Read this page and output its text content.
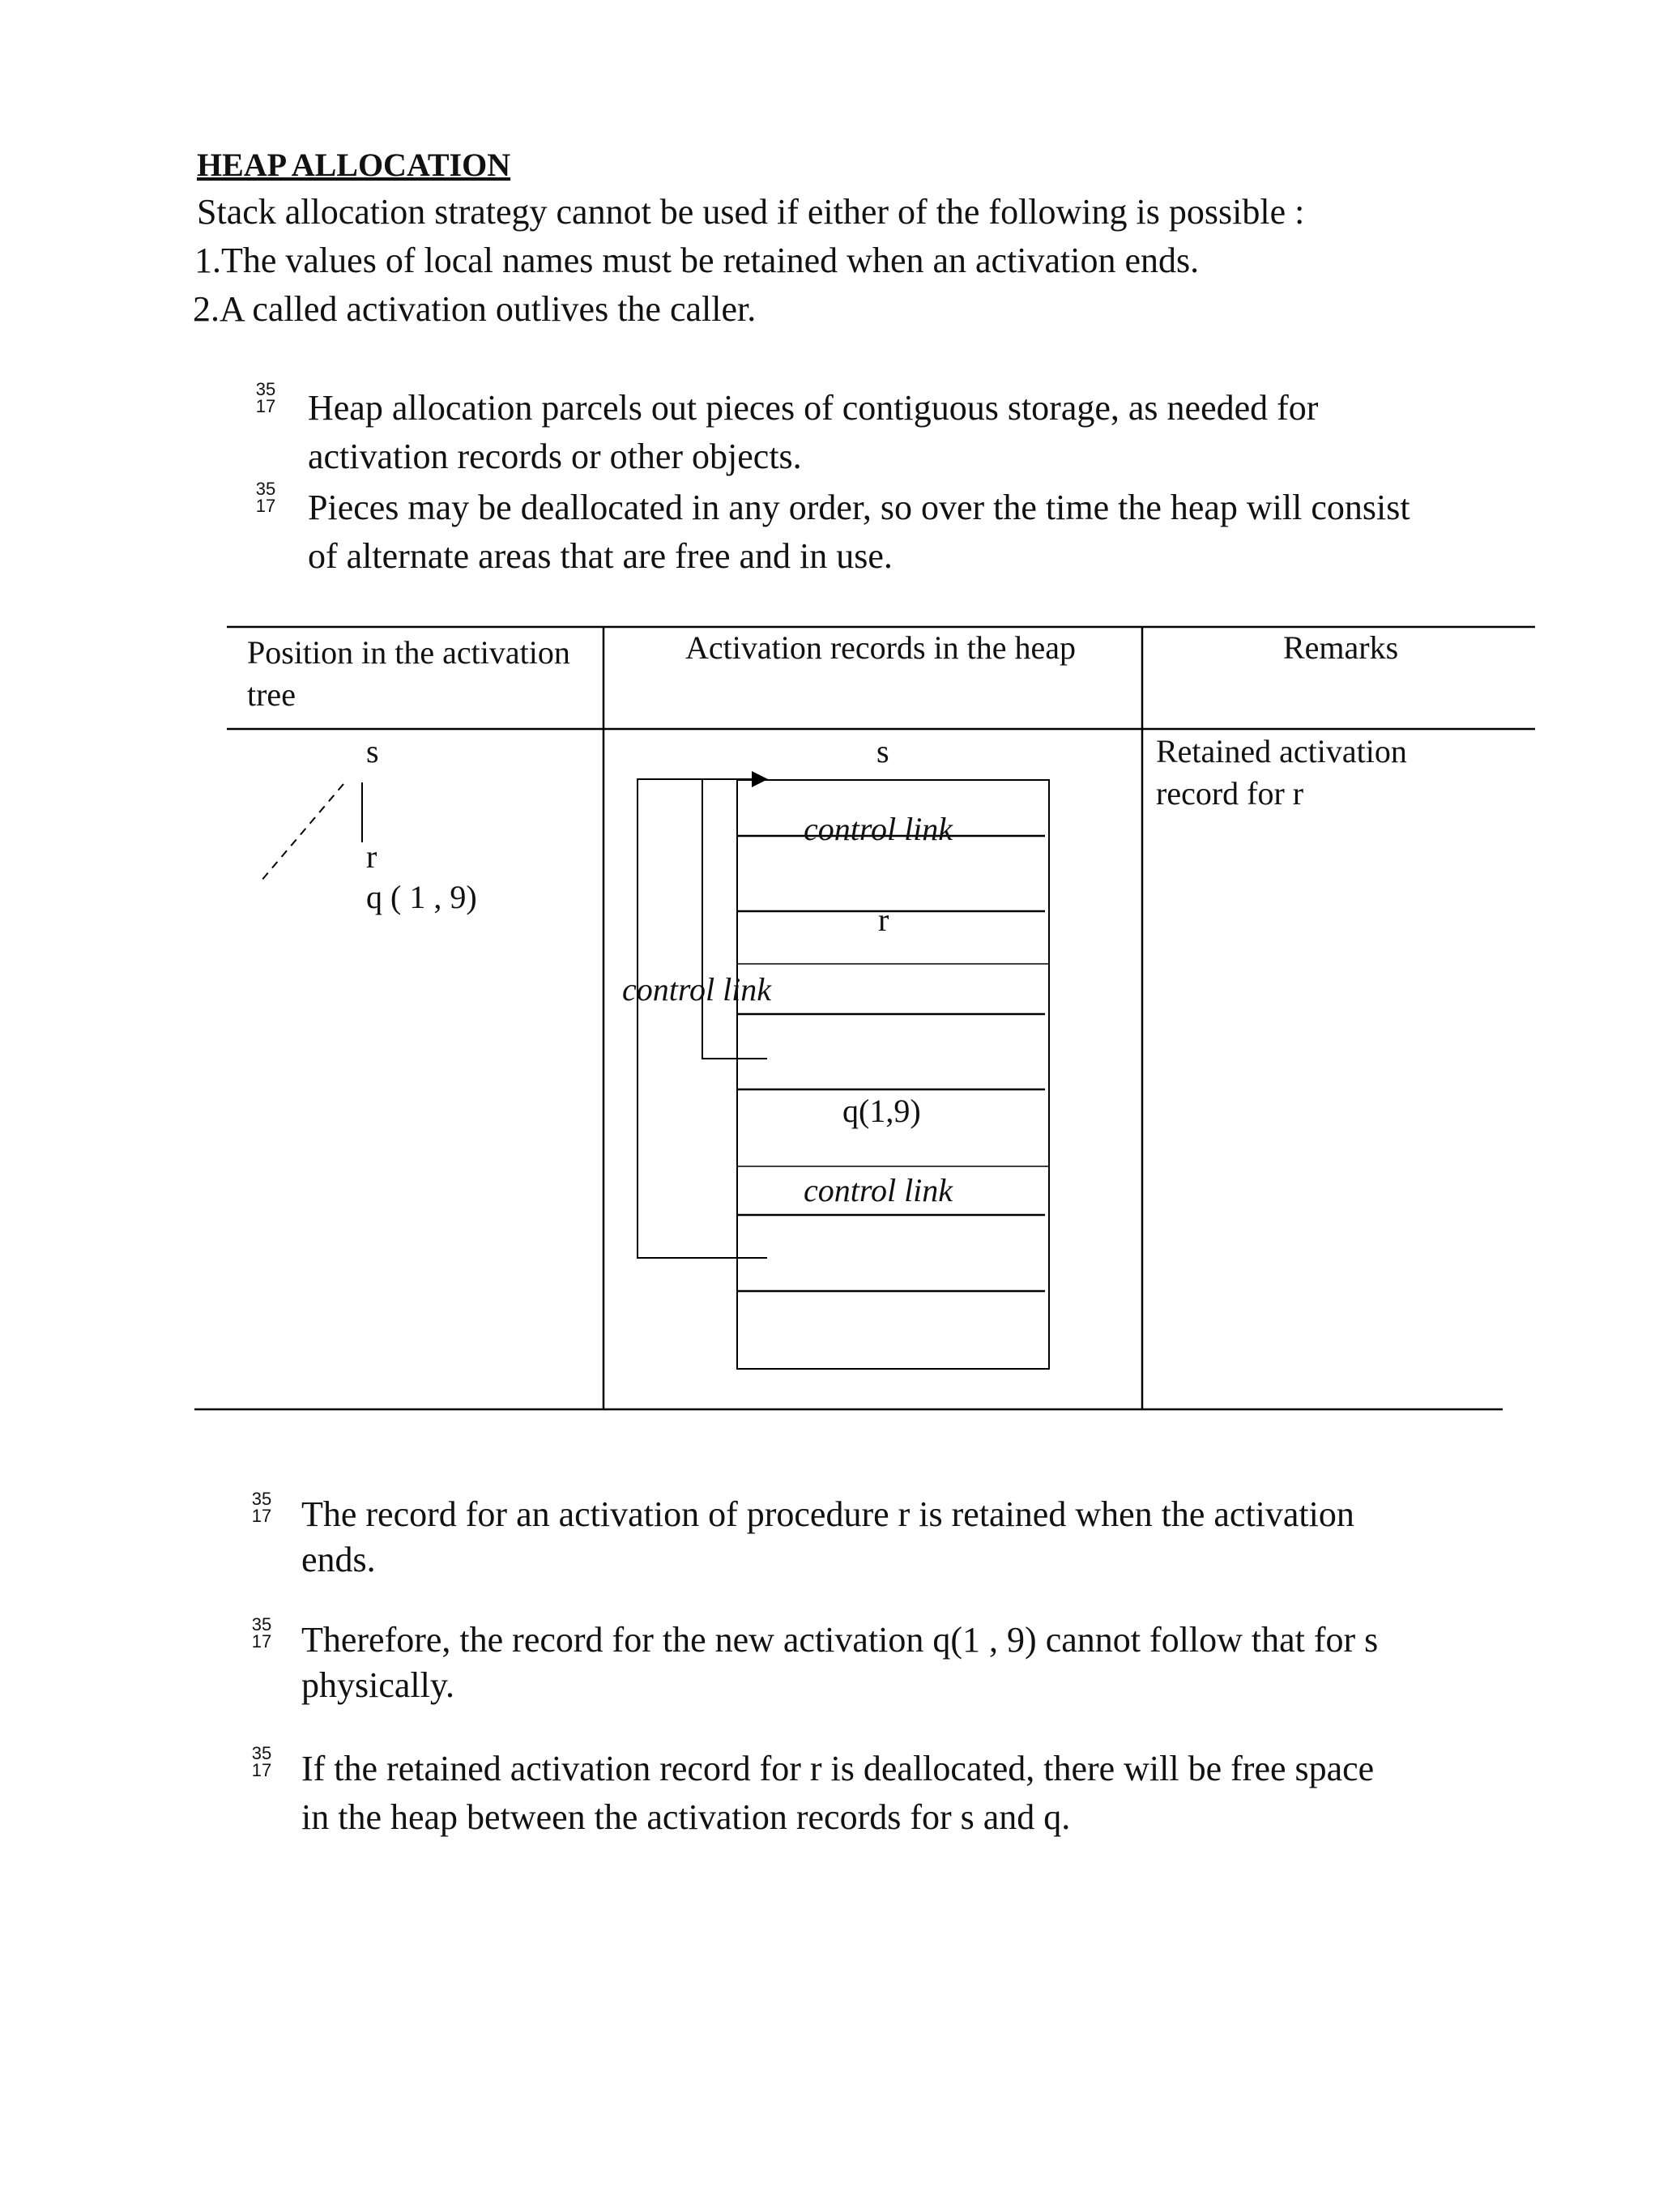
HEAP ALLOCATION
Stack allocation strategy cannot be used if either of the following is possible :
1.The values of local names must be retained when an activation ends.
2.A called activation outlives the caller.
35
17 Heap allocation parcels out pieces of contiguous storage, as needed for
activation records or other objects.
35
17 Pieces may be deallocated in any order, so over the time the heap will consist
of alternate areas that are free and in use.
Position in the activation
tree
Activation records in the heap	Remarks
s
r
q ( 1 , 9)
s
control link
r
control link
q(1,9)
control link
Retained activation
record for r
35
17 The record for an activation of procedure r is retained when the activation
ends.
35
17 Therefore, the record for the new activation q(1 , 9) cannot follow that for s
physically.
35
17 If the retained activation record for r is deallocated, there will be free space
in the heap between the activation records for s and q.
